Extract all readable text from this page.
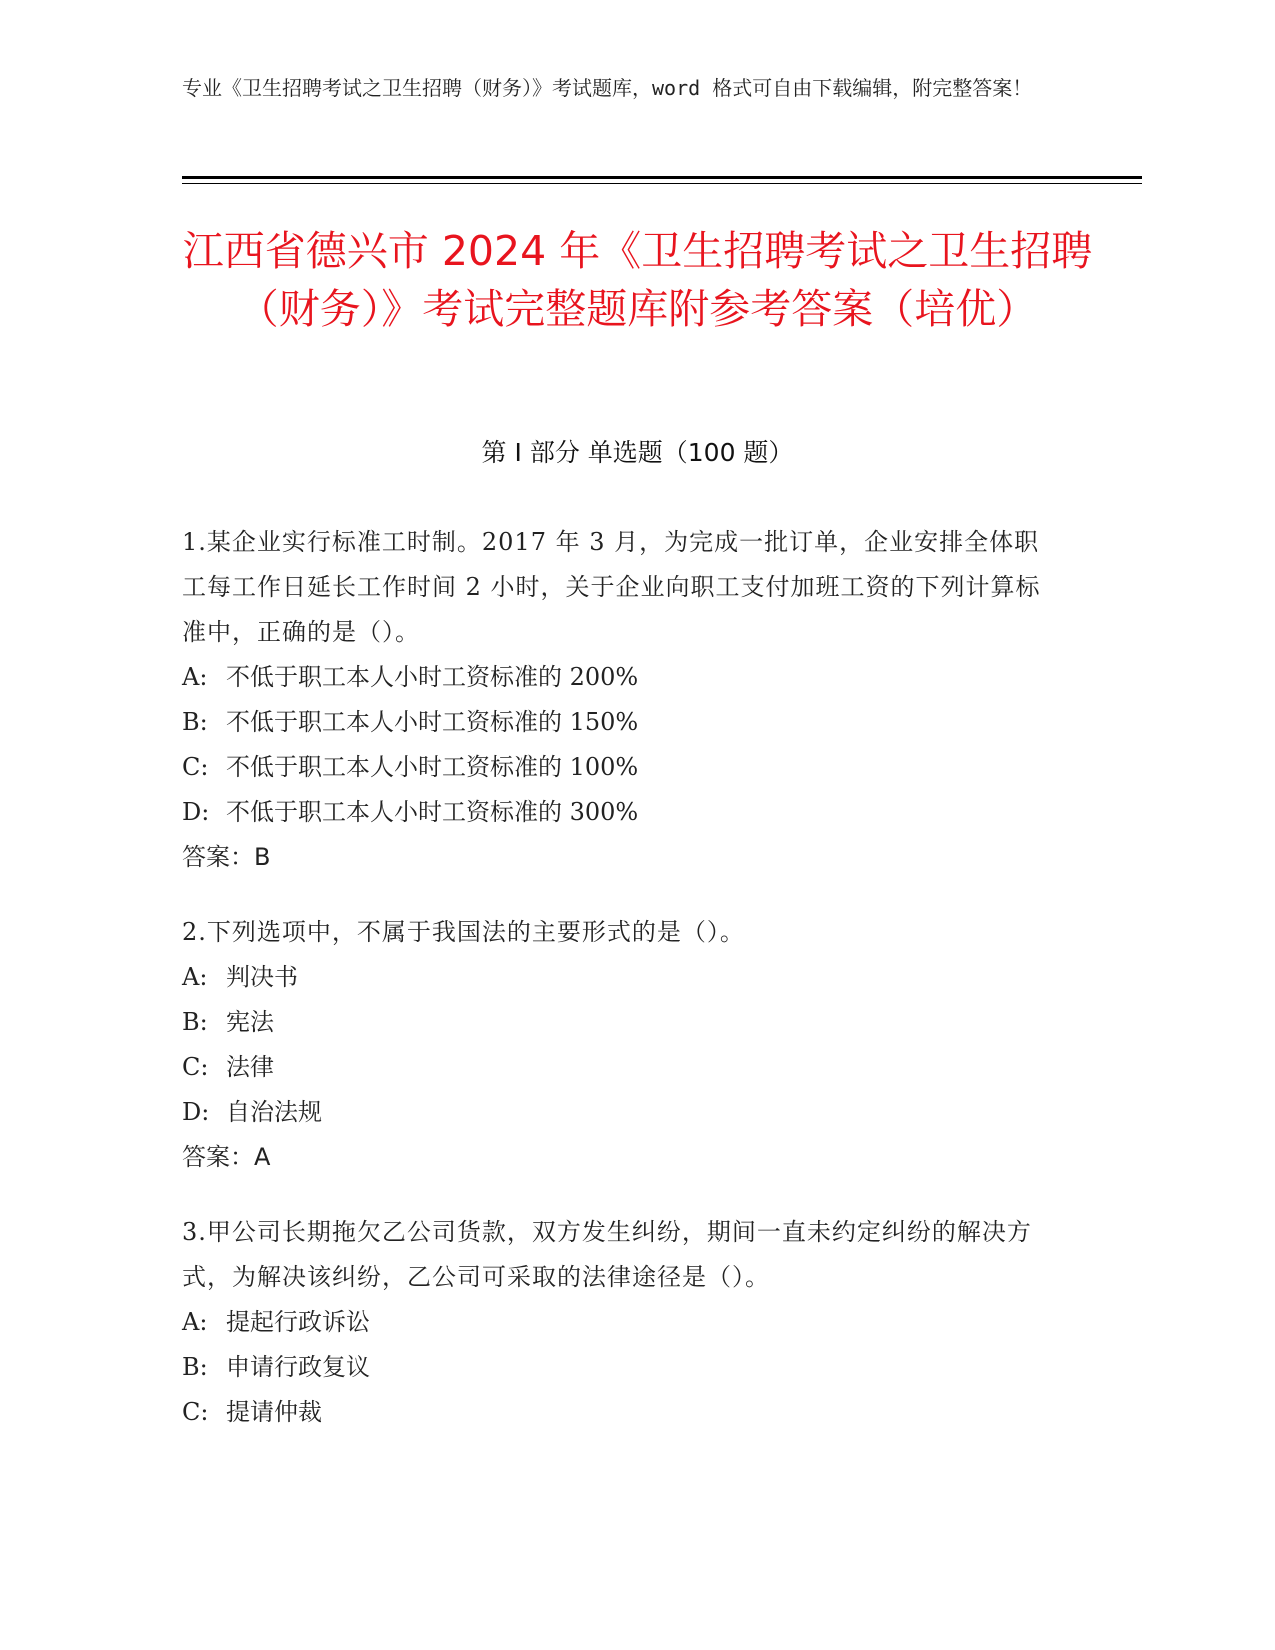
专业《卫生招聘考试之卫生招聘（财务）》考试题库，word 格式可自由下载编辑，附完整答案！
江西省德兴市 2024 年《卫生招聘考试之卫生招聘（财务）》考试完整题库附参考答案（培优）
第 I 部分 单选题（100 题）
1.某企业实行标准工时制。2017 年 3 月，为完成一批订单，企业安排全体职工每工作日延长工作时间 2 小时，关于企业向职工支付加班工资的下列计算标准中，正确的是（）。
A: 不低于职工本人小时工资标准的 200%
B: 不低于职工本人小时工资标准的 150%
C: 不低于职工本人小时工资标准的 100%
D: 不低于职工本人小时工资标准的 300%
答案：B
2.下列选项中，不属于我国法的主要形式的是（）。
A: 判决书
B: 宪法
C: 法律
D: 自治法规
答案：A
3.甲公司长期拖欠乙公司货款，双方发生纠纷，期间一直未约定纠纷的解决方式，为解决该纠纷，乙公司可采取的法律途径是（）。
A: 提起行政诉讼
B: 申请行政复议
C: 提请仲裁
